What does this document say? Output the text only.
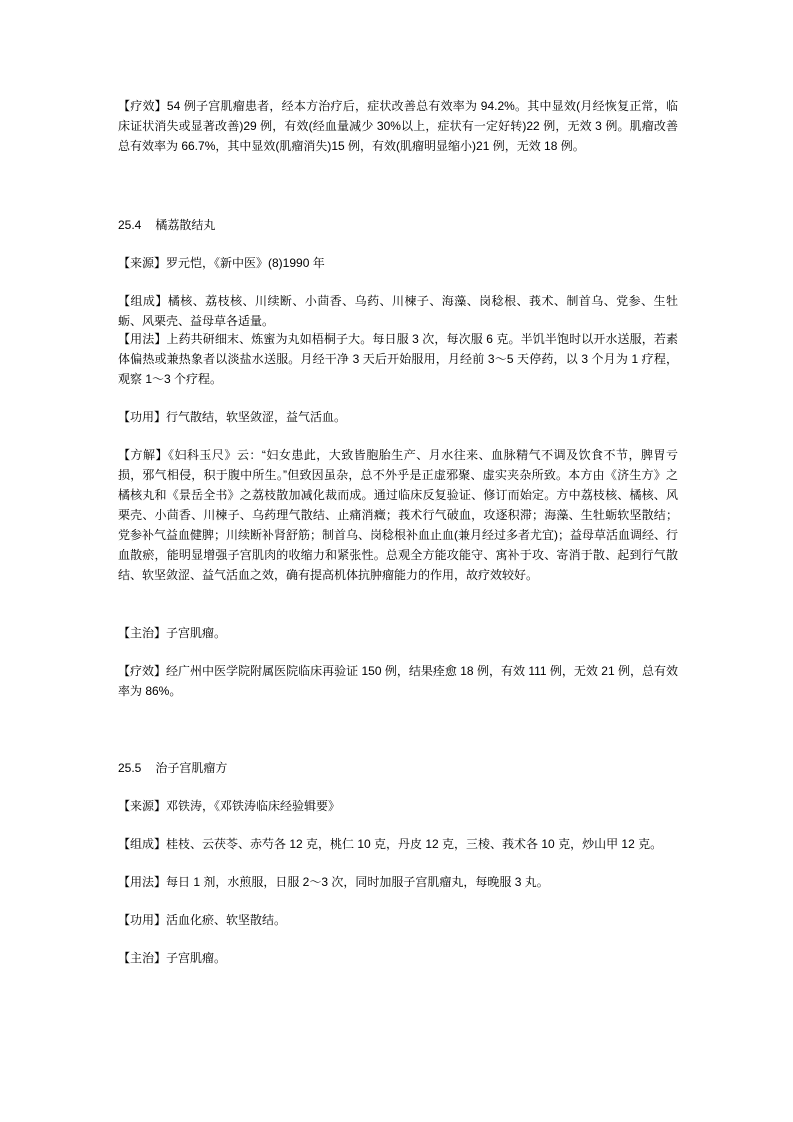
【疗效】54 例子宫肌瘤患者，经本方治疗后，症状改善总有效率为 94.2%。其中显效(月经恢复正常，临床证状消失或显著改善)29 例，有效(经血量减少 30%以上，症状有一定好转)22 例，无效 3 例。肌瘤改善总有效率为 66.7%，其中显效(肌瘤消失)15 例，有效(肌瘤明显缩小)21 例，无效 18 例。

25.4 橘荔散结丸

【来源】罗元恺，《新中医》(8)1990 年

【组成】橘核、荔枝核、川续断、小茴香、乌药、川楝子、海藻、岗稔根、莪术、制首乌、党参、生牡蛎、风栗壳、益母草各适量。

【用法】上药共研细末、炼蜜为丸如梧桐子大。每日服 3 次，每次服 6 克。半饥半饱时以开水送服，若素体偏热或兼热象者以淡盐水送服。月经干净 3 天后开始服用，月经前 3～5 天停药，以 3 个月为 1 疗程，观察 1～3 个疗程。

【功用】行气散结，软坚敛涩，益气活血。

【方解】《妇科玉尺》云：“妇女患此，大致皆胞胎生产、月水往来、血脉精气不调及饮食不节，脾胃亏损，邪气相侵，积于腹中所生。”但致因虽杂，总不外乎是正虚邪聚、虚实夹杂所致。本方由《济生方》之橘核丸和《景岳全书》之荔枝散加减化裁而成。通过临床反复验证、修订而始定。方中荔枝核、橘核、风栗壳、小茴香、川楝子、乌药理气散结、止痛消癥；莪术行气破血，攻逐积滞；海藻、生牡蛎软坚散结；党参补气益血健脾；川续断补肾舒筋；制首乌、岗稔根补血止血(兼月经过多者尤宜)；益母草活血调经、行血散瘀，能明显增强子宫肌肉的收缩力和紧张性。总观全方能攻能守、寓补于攻、寄消于散、起到行气散结、软坚敛涩、益气活血之效，确有提高机体抗肿瘤能力的作用，故疗效较好。

【主治】子宫肌瘤。

【疗效】经广州中医学院附属医院临床再验证 150 例，结果痊愈 18 例，有效 111 例，无效 21 例，总有效率为 86%。

25.5 治子宫肌瘤方

【来源】邓铁涛，《邓铁涛临床经验辑要》

【组成】桂枝、云茯苓、赤芍各 12 克，桃仁 10 克，丹皮 12 克，三棱、莪术各 10 克，炒山甲 12 克。

【用法】每日 1 剂，水煎服，日服 2～3 次，同时加服子宫肌瘤丸，每晚服 3 丸。

【功用】活血化瘀、软坚散结。

【主治】子宫肌瘤。
